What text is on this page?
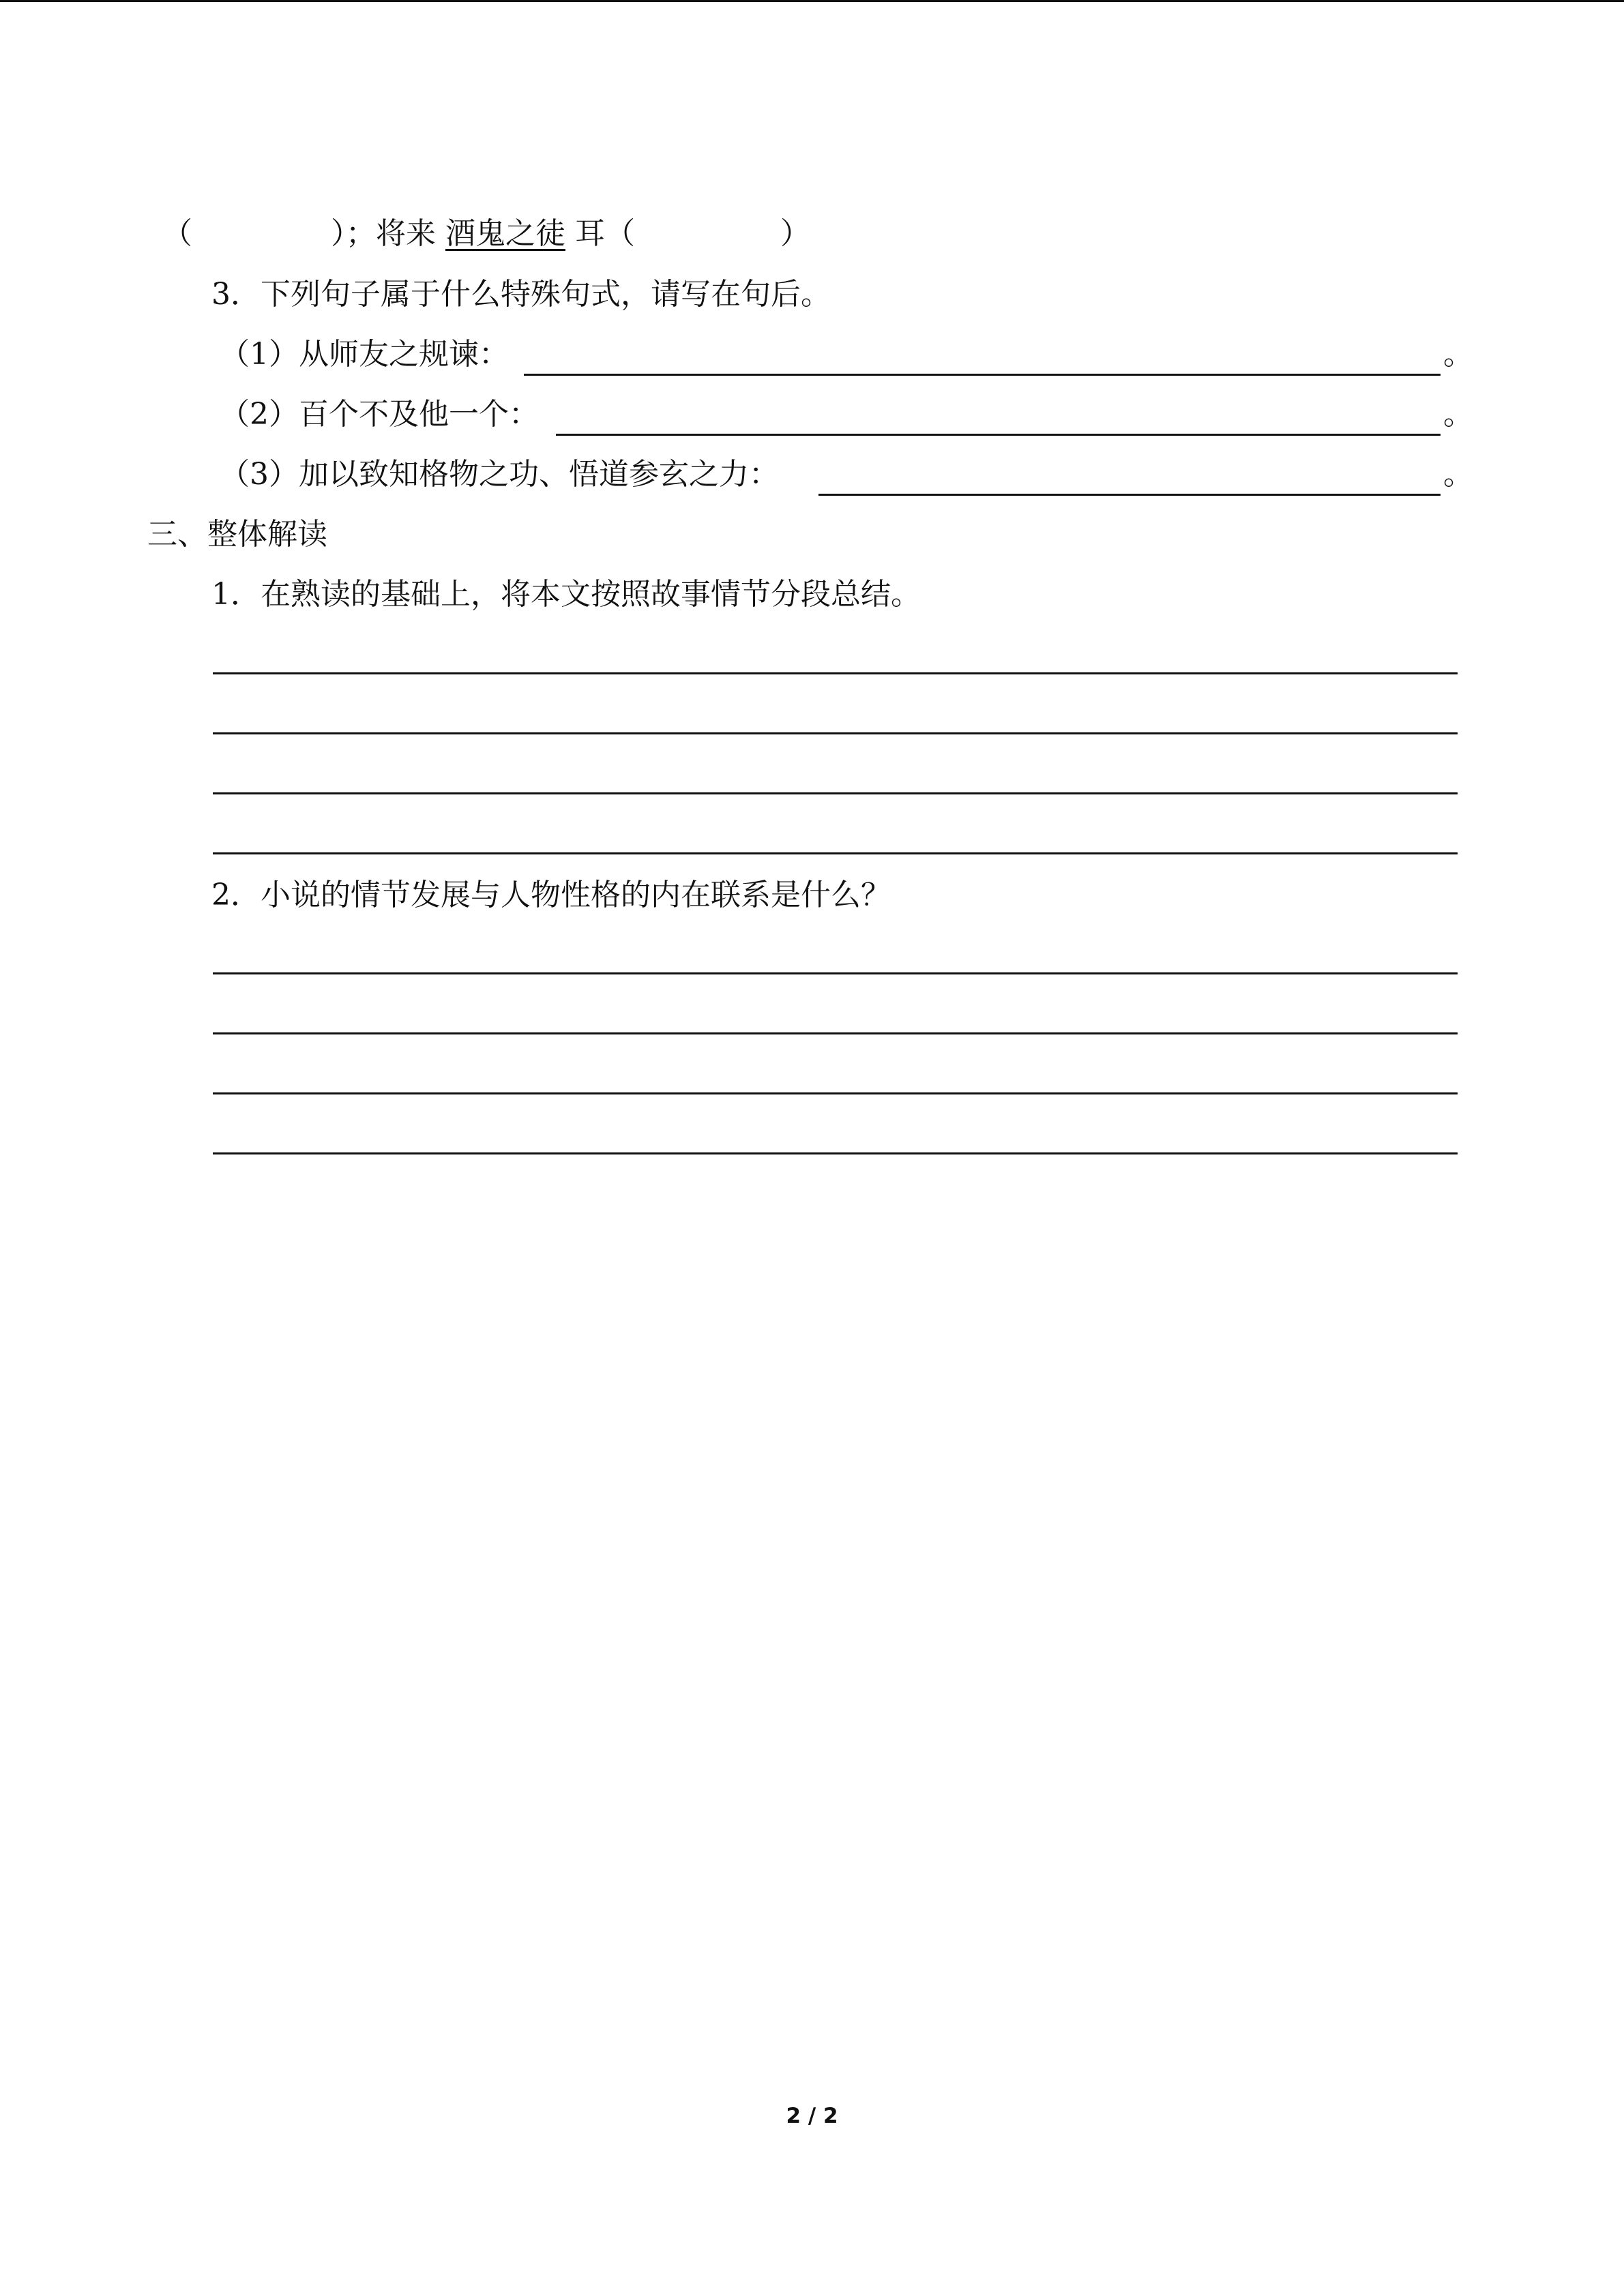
（	）；将来 酒鬼之徒 耳（	）
3．下列句子属于什么特殊句式，请写在句后。
（1）从师友之规谏：	。
（2）百个不及他一个：	。
（3）加以致知格物之功、悟道参玄之力：	。
三、整体解读
1．在熟读的基础上，将本文按照故事情节分段总结。
2．小说的情节发展与人物性格的内在联系是什么？
2 / 2
